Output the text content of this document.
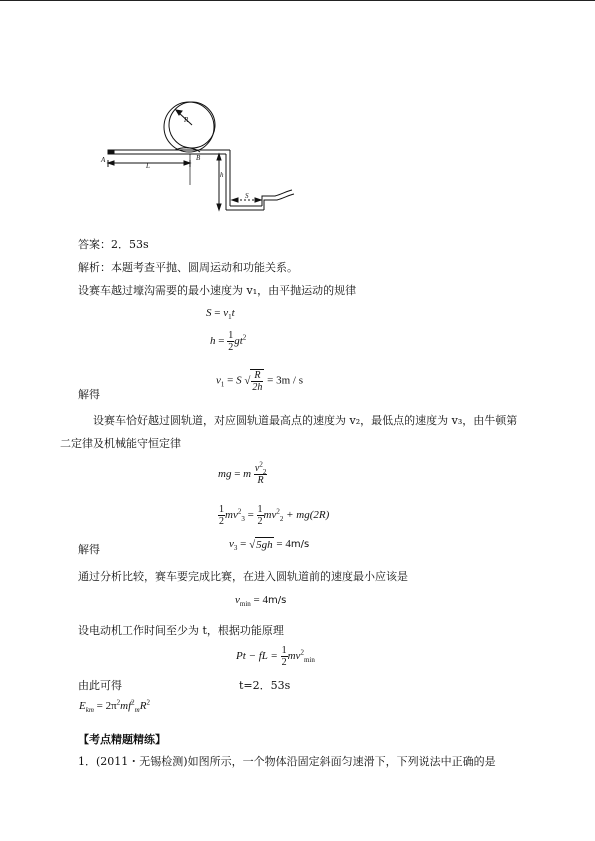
R
A	B
L
h
S
答案：2．53s
解析：本题考查平抛、圆周运动和功能关系。
设赛车越过壕沟需要的最小速度为 v₁，由平抛运动的规律
$S = v_1t$
$h = \frac{1}{2} gt^2$
解得
$v_1 = S$ √ $\frac{R}{2h} = 3m / s$
设赛车恰好越过圆轨道，对应圆轨道最高点的速度为 v₂，最低点的速度为 v₃，由牛顿第
二定律及机械能守恒定律
mg = m $\frac{v^2_2}{R}$
$\frac{1}{2} mv^2_3 = \frac{1}{2} mv^2_2 + mg(2R)$
解得	$v_3 = √5gh = 4m/s$
通过分析比较，赛车要完成比赛，在进入圆轨道前的速度最小应该是
$v_{min} = 4m/s$
设电动机工作时间至少为 t，根据功能原理
Pt − fL = $\frac{1}{2} mv^2_{min}$
由此可得	t=2．53s
$E_{km} = 2\pi^2mf^2_mR^2$
【考点精题精练】
1．(2011・无锡检测)如图所示，一个物体沿固定斜面匀速滑下，下列说法中正确的是
